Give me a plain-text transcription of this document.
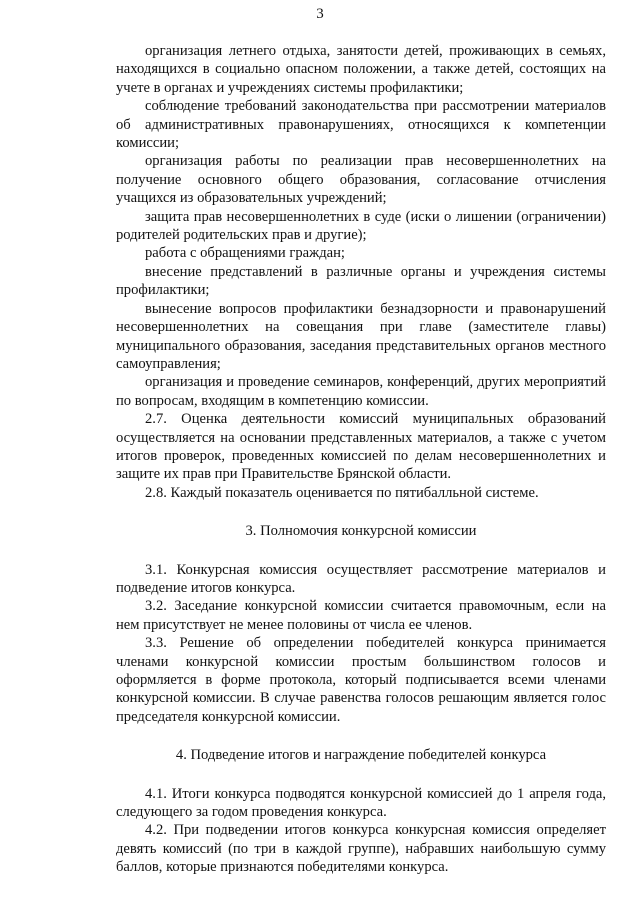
3

организация летнего отдыха, занятости детей, проживающих в семьях, находящихся в социально опасном положении, а также детей, состоящих на учете в органах и учреждениях системы профилактики;

соблюдение требований законодательства при рассмотрении материалов об административных правонарушениях, относящихся к компетенции комиссии;

организация работы по реализации прав несовершеннолетних на получение основного общего образования, согласование отчисления учащихся из образовательных учреждений;

защита прав несовершеннолетних в суде (иски о лишении (ограничении) родителей родительских прав и другие);

работа с обращениями граждан;

внесение представлений в различные органы и учреждения системы профилактики;

вынесение вопросов профилактики безнадзорности и правонарушений несовершеннолетних на совещания при главе (заместителе главы) муниципального образования, заседания представительных органов местного самоуправления;

организация и проведение семинаров, конференций, других мероприятий по вопросам, входящим в компетенцию комиссии.

2.7. Оценка деятельности комиссий муниципальных образований осуществляется на основании представленных материалов, а также с учетом итогов проверок, проведенных комиссией по делам несовершеннолетних и защите их прав при Правительстве Брянской области.

2.8. Каждый показатель оценивается по пятибалльной системе.

3. Полномочия конкурсной комиссии

3.1. Конкурсная комиссия осуществляет рассмотрение материалов и подведение итогов конкурса.

3.2. Заседание конкурсной комиссии считается правомочным, если на нем присутствует не менее половины от числа ее членов.

3.3. Решение об определении победителей конкурса принимается членами конкурсной комиссии простым большинством голосов и оформляется в форме протокола, который подписывается всеми членами конкурсной комиссии. В случае равенства голосов решающим является голос председателя конкурсной комиссии.

4. Подведение итогов и награждение победителей конкурса

4.1. Итоги конкурса подводятся конкурсной комиссией до 1 апреля года, следующего за годом проведения конкурса.

4.2. При подведении итогов конкурса конкурсная комиссия определяет девять комиссий (по три в каждой группе), набравших наибольшую сумму баллов, которые признаются победителями конкурса.
